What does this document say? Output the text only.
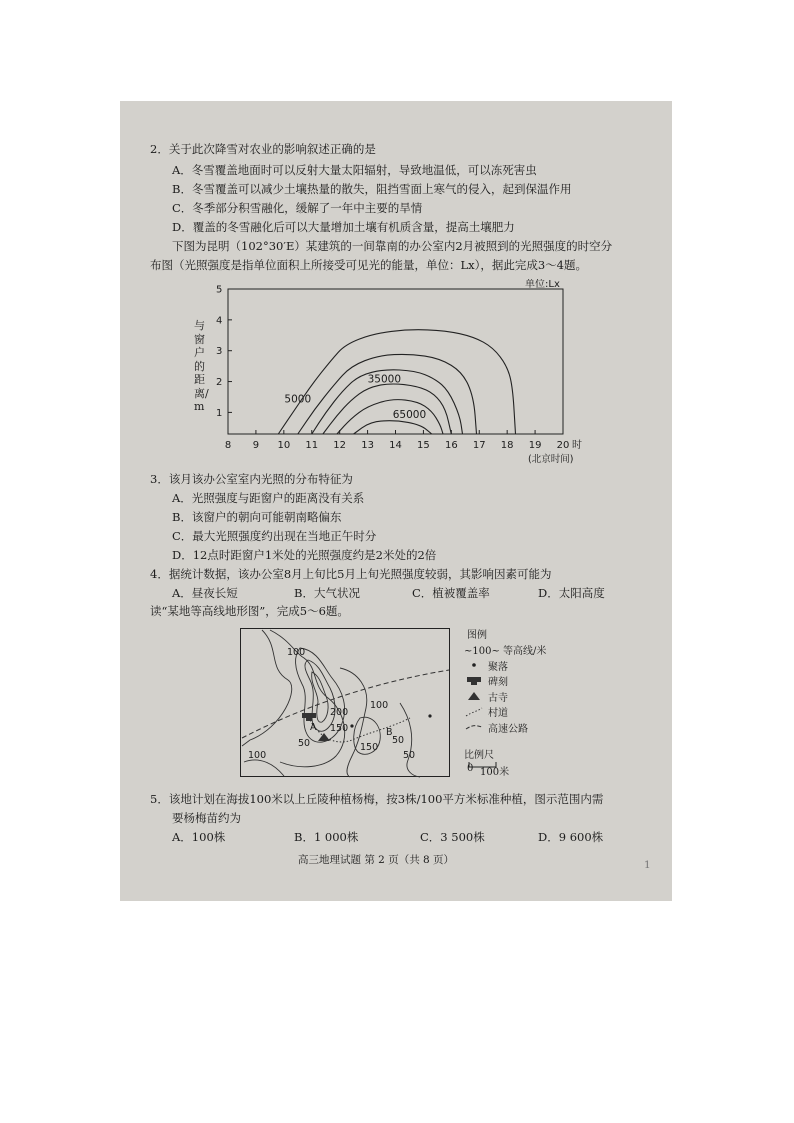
2．关于此次降雪对农业的影响叙述正确的是
A．冬雪覆盖地面时可以反射大量太阳辐射，导致地温低，可以冻死害虫
B．冬雪覆盖可以减少土壤热量的散失，阻挡雪面上寒气的侵入，起到保温作用
C．冬季部分积雪融化，缓解了一年中主要的旱情
D．覆盖的冬雪融化后可以大量增加土壤有机质含量，提高土壤肥力
下图为昆明（102°30′E）某建筑的一间靠南的办公室内2月被照到的光照强度的时空分
布图（光照强度是指单位面积上所接受可见光的能量，单位：Lx），据此完成3～4题。
单位:Lx
1
2
3
4
5
8 9 10 11 12 13 14 15 16 17 18 19 20
5000
35000
65000
时
(北京时间)
与窗户的距离/m
3．该月该办公室室内光照的分布特征为
A．光照强度与距窗户的距离没有关系
B．该窗户的朝向可能朝南略偏东
C．最大光照强度约出现在当地正午时分
D．12点时距窗户1米处的光照强度约是2米处的2倍
4．据统计数据，该办公室8月上旬比5月上旬光照强度较弱，其影响因素可能为
A．昼夜长短	B．大气状况	C．植被覆盖率	D．太阳高度
读“某地等高线地形图”，完成5～6题。
100
200
150
100
150
50
50
50
100
A	B
图例
~100~ 等高线/米
聚落
碑刻
古寺
村道
高速公路
比例尺
0 100米
5．该地计划在海拔100米以上丘陵种植杨梅，按3株/100平方米标准种植，图示范围内需
要杨梅苗约为
A．100株	B．1 000株	C．3 500株	D．9 600株
高三地理试题 第 2 页（共 8 页）	1
